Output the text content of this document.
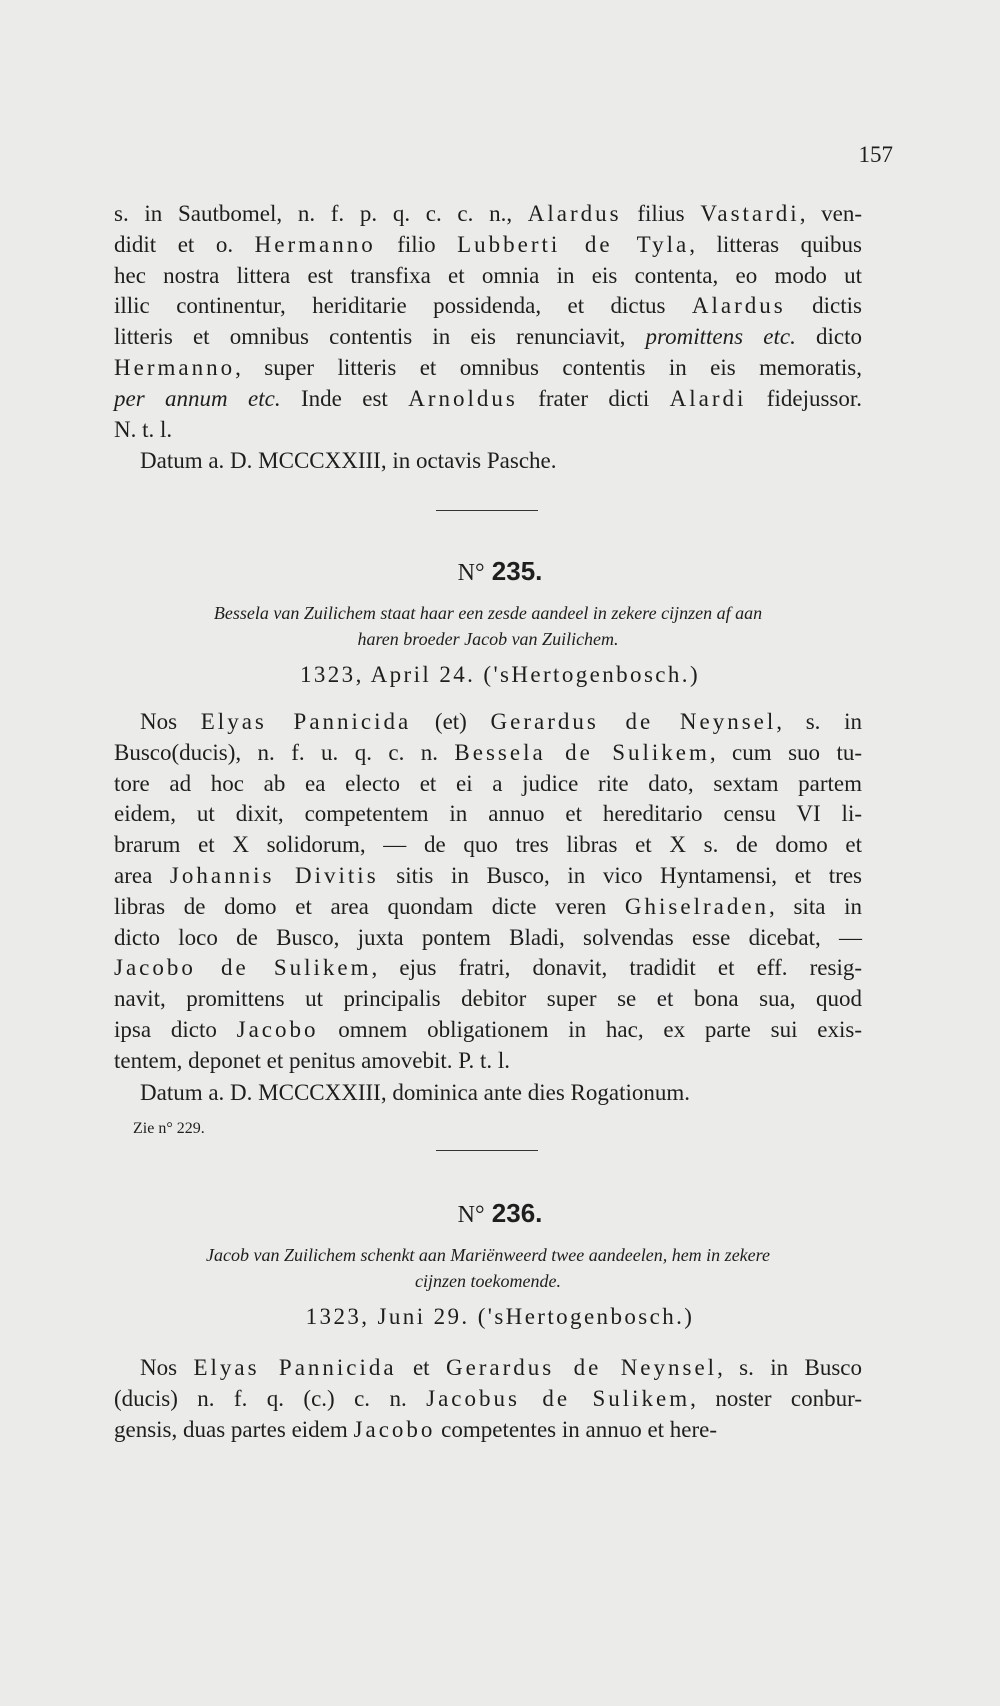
157
s. in Sautbomel, n. f. p. q. c. c. n., Alardus filius Vastardi, ven-
didit et o. Hermanno filio Lubberti de Tyla, litteras quibus
hec nostra littera est transfixa et omnia in eis contenta, eo modo ut
illic continentur, heriditarie possidenda, et dictus Alardus dictis
litteris et omnibus contentis in eis renunciavit, promittens etc. dicto
Hermanno, super litteris et omnibus contentis in eis memoratis,
per annum etc. Inde est Arnoldus frater dicti Alardi fidejussor.
N. t. l.
Datum a. D. MCCCXXIII, in octavis Pasche.
N° 235.
Bessela van Zuilichem staat haar een zesde aandeel in zekere cijnzen af aan
haren broeder Jacob van Zuilichem.
1323, April 24. ('sHertogenbosch.)
Nos Elyas Pannicida (et) Gerardus de Neynsel, s. in
Busco(ducis), n. f. u. q. c. n. Bessela de Sulikem, cum suo tu-
tore ad hoc ab ea electo et ei a judice rite dato, sextam partem
eidem, ut dixit, competentem in annuo et hereditario censu VI li-
brarum et X solidorum, — de quo tres libras et X s. de domo et
area Johannis Divitis sitis in Busco, in vico Hyntamensi, et tres
libras de domo et area quondam dicte veren Ghiselraden, sita in
dicto loco de Busco, juxta pontem Bladi, solvendas esse dicebat, —
Jacobo de Sulikem, ejus fratri, donavit, tradidit et eff. resig-
navit, promittens ut principalis debitor super se et bona sua, quod
ipsa dicto Jacobo omnem obligationem in hac, ex parte sui exis-
tentem, deponet et penitus amovebit. P. t. l.
Datum a. D. MCCCXXIII, dominica ante dies Rogationum.
Zie n° 229.
N° 236.
Jacob van Zuilichem schenkt aan Mariënweerd twee aandeelen, hem in zekere
cijnzen toekomende.
1323, Juni 29. ('sHertogenbosch.)
Nos Elyas Pannicida et Gerardus de Neynsel, s. in Busco
(ducis) n. f. q. (c.) c. n. Jacobus de Sulikem, noster conbur-
gensis, duas partes eidem Jacobo competentes in annuo et here-
